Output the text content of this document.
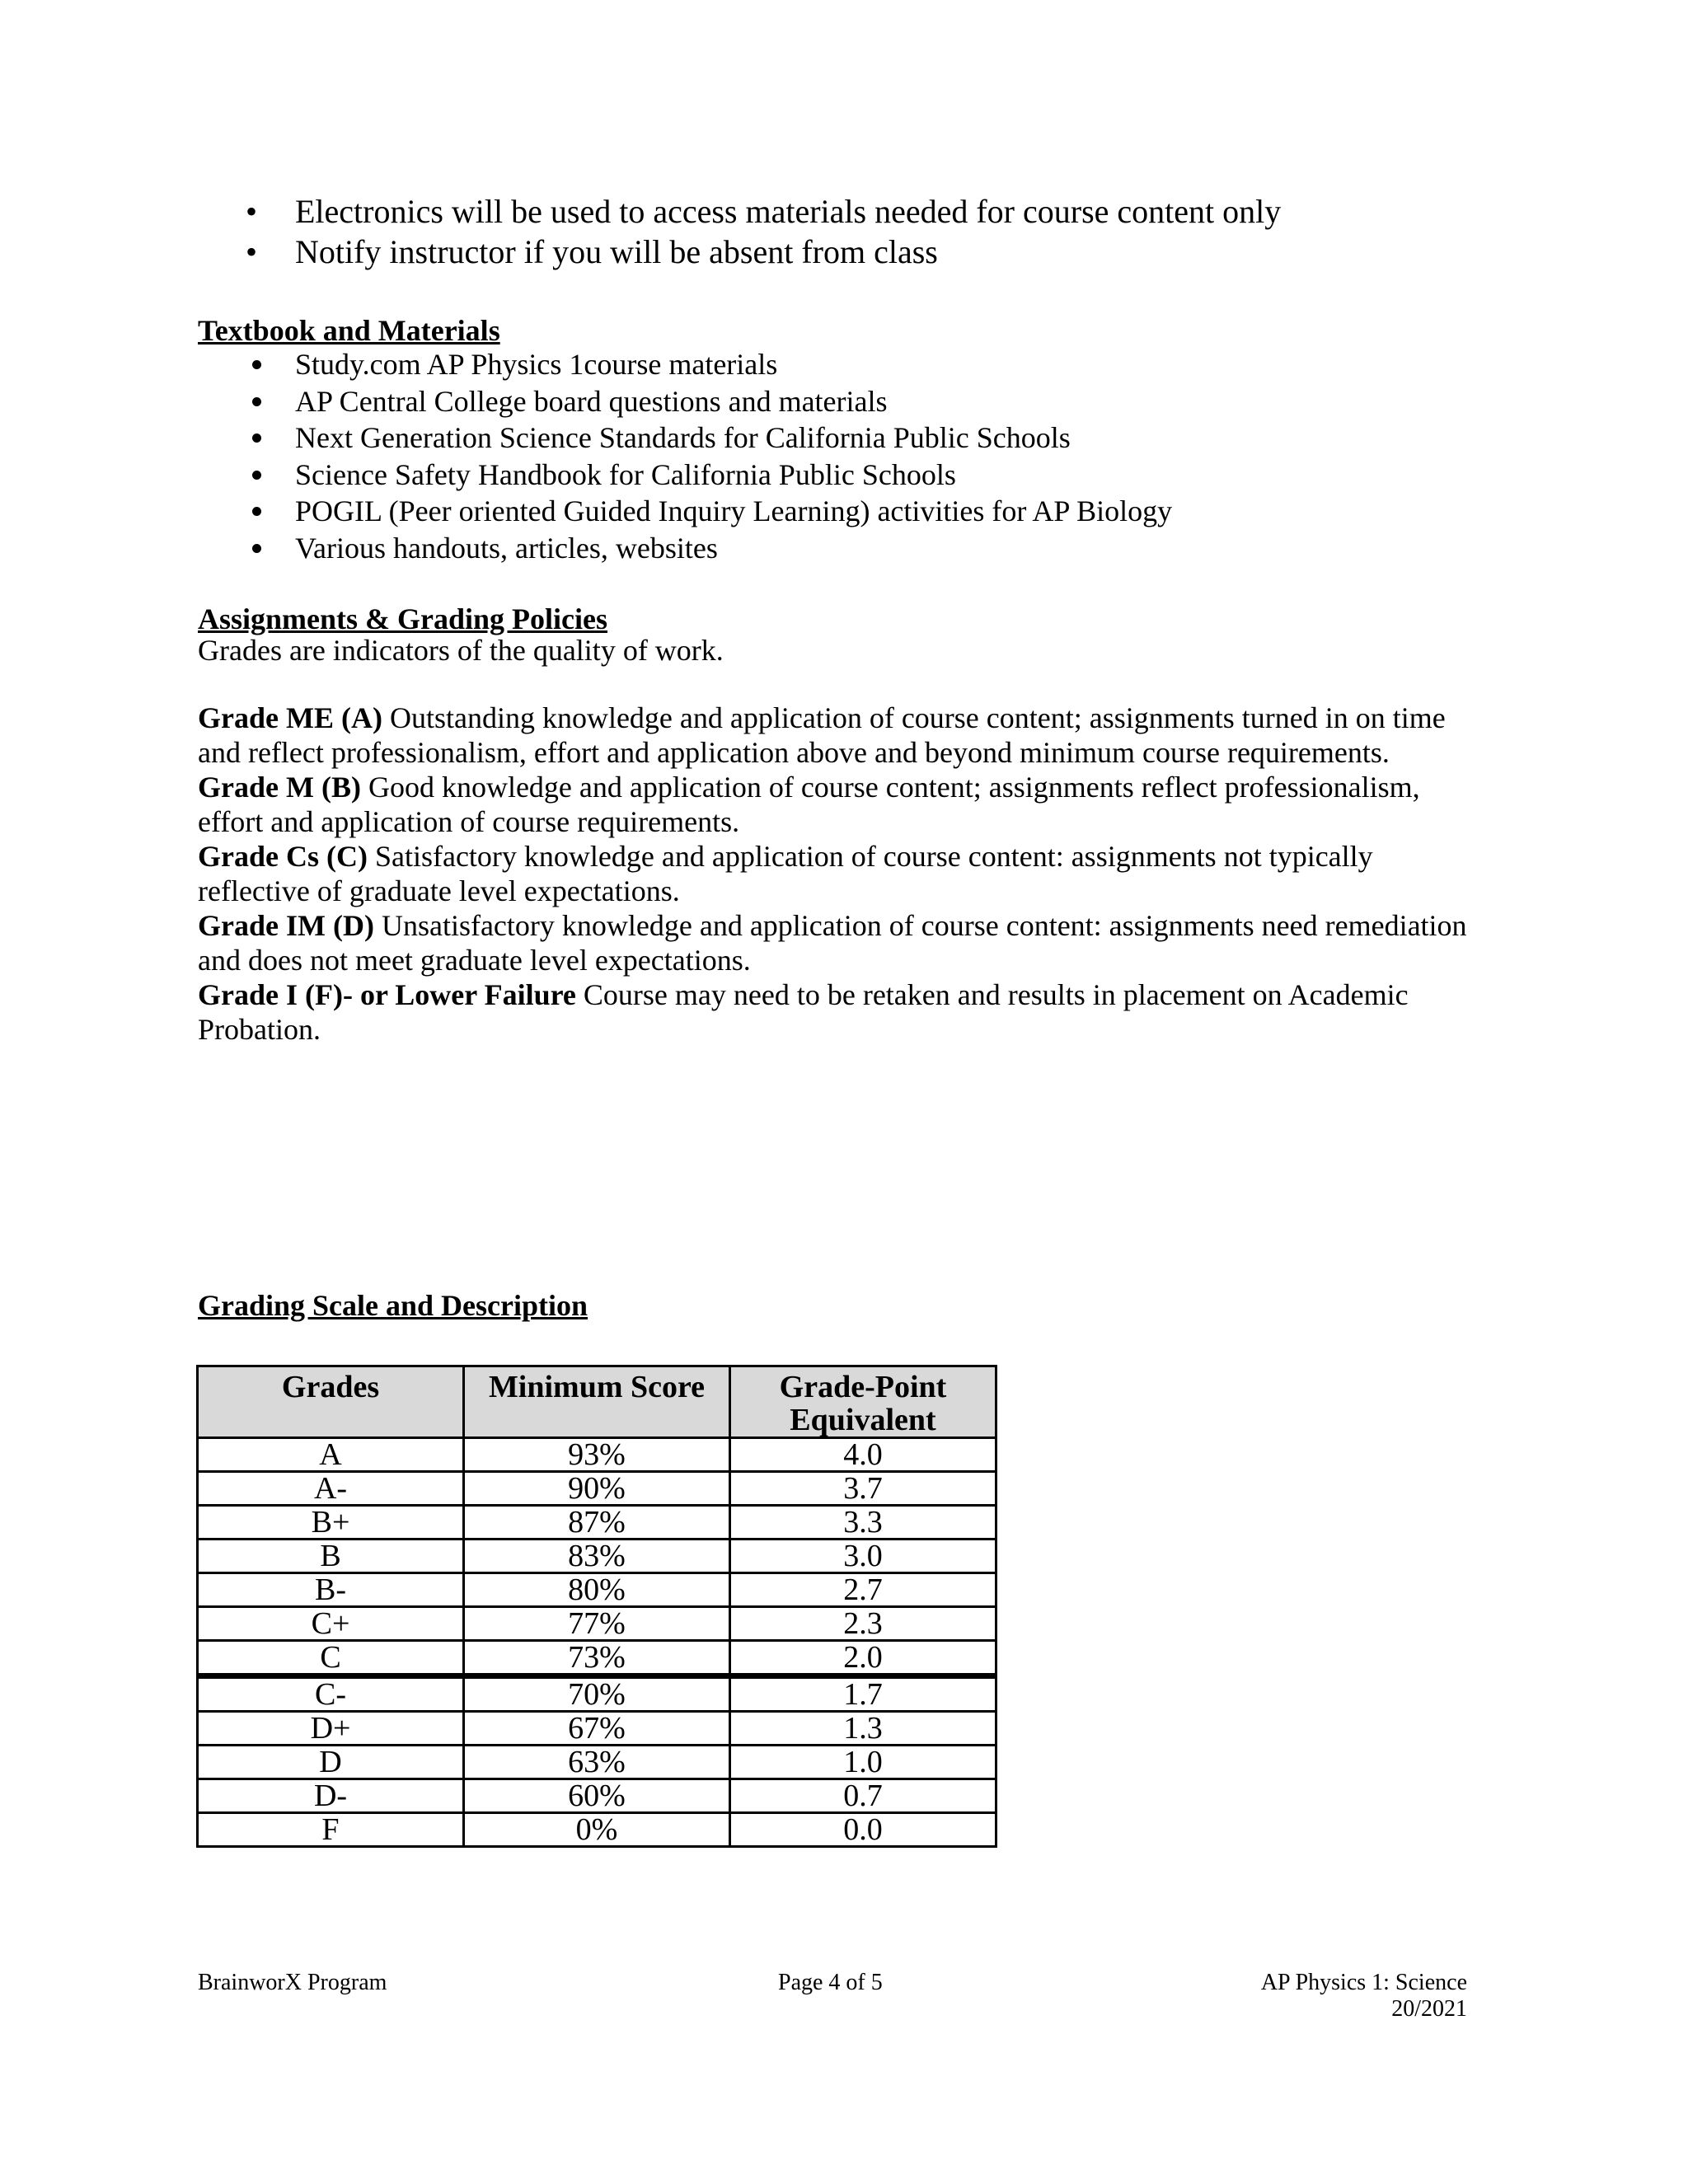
• Electronics will be used to access materials needed for course content only
• Notify instructor if you will be absent from class
Textbook and Materials
Study.com AP Physics 1course materials
AP Central College board questions and materials
Next Generation Science Standards for California Public Schools
Science Safety Handbook for California Public Schools
POGIL (Peer oriented Guided Inquiry Learning) activities for AP Biology
Various handouts, articles, websites
Assignments & Grading Policies
Grades are indicators of the quality of work.

Grade ME (A) Outstanding knowledge and application of course content; assignments turned in on time and reflect professionalism, effort and application above and beyond minimum course requirements.

Grade M (B) Good knowledge and application of course content; assignments reflect professionalism, effort and application of course requirements.

Grade Cs (C) Satisfactory knowledge and application of course content: assignments not typically reflective of graduate level expectations.

Grade IM (D) Unsatisfactory knowledge and application of course content: assignments need remediation and does not meet graduate level expectations.

Grade I (F)- or Lower Failure Course may need to be retaken and results in placement on Academic Probation.

Grading Scale and Description
Grades	Minimum Score	Grade-Point Equivalent
A	93%	4.0
A-	90%	3.7
B+	87%	3.3
B	83%	3.0
B-	80%	2.7
C+	77%	2.3
C	73%	2.0
C-	70%	1.7
D+	67%	1.3
D	63%	1.0
D-	60%	0.7
F	0%	0.0
BrainworX Program	Page 4 of 5	AP Physics 1: Science
20/2021
